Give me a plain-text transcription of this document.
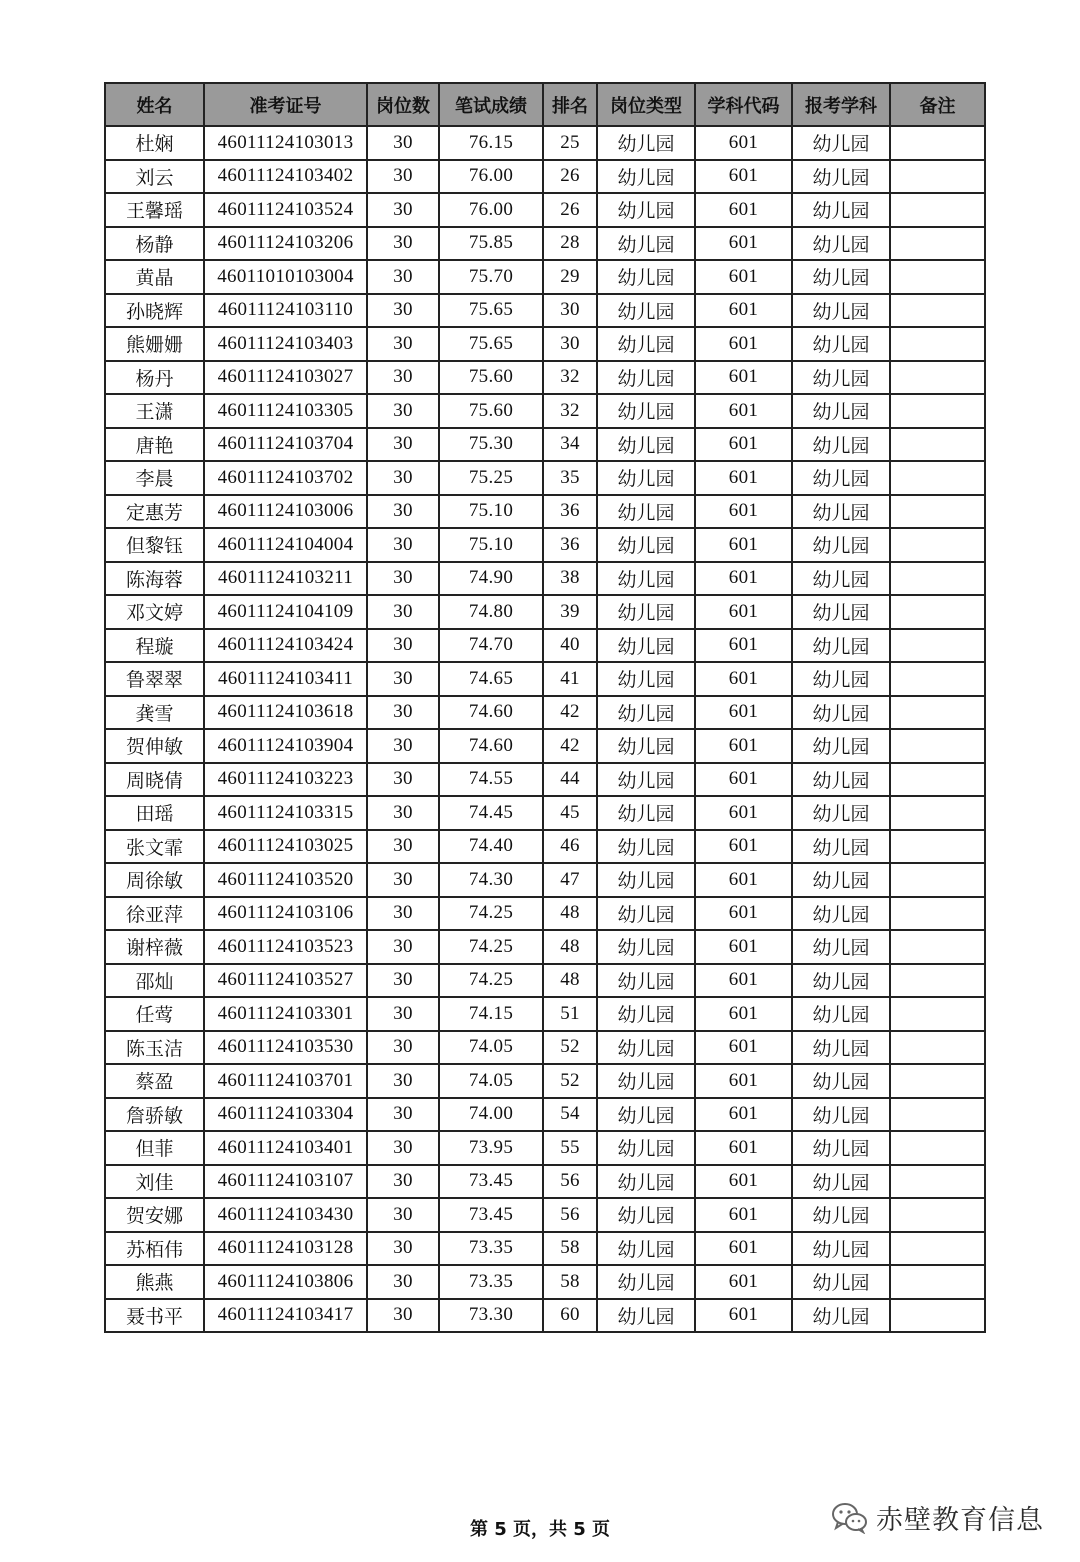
姓名	准考证号	岗位数	笔试成绩	排名	岗位类型	学科代码	报考学科	备注
杜娴	46011124103013	30	76.15	25	幼儿园	601	幼儿园	
刘云	46011124103402	30	76.00	26	幼儿园	601	幼儿园	
王馨瑶	46011124103524	30	76.00	26	幼儿园	601	幼儿园	
杨静	46011124103206	30	75.85	28	幼儿园	601	幼儿园	
黄晶	46011010103004	30	75.70	29	幼儿园	601	幼儿园	
孙晓辉	46011124103110	30	75.65	30	幼儿园	601	幼儿园	
熊姗姗	46011124103403	30	75.65	30	幼儿园	601	幼儿园	
杨丹	46011124103027	30	75.60	32	幼儿园	601	幼儿园	
王潇	46011124103305	30	75.60	32	幼儿园	601	幼儿园	
唐艳	46011124103704	30	75.30	34	幼儿园	601	幼儿园	
李晨	46011124103702	30	75.25	35	幼儿园	601	幼儿园	
定惠芳	46011124103006	30	75.10	36	幼儿园	601	幼儿园	
但黎钰	46011124104004	30	75.10	36	幼儿园	601	幼儿园	
陈海蓉	46011124103211	30	74.90	38	幼儿园	601	幼儿园	
邓文婷	46011124104109	30	74.80	39	幼儿园	601	幼儿园	
程璇	46011124103424	30	74.70	40	幼儿园	601	幼儿园	
鲁翠翠	46011124103411	30	74.65	41	幼儿园	601	幼儿园	
龚雪	46011124103618	30	74.60	42	幼儿园	601	幼儿园	
贺伸敏	46011124103904	30	74.60	42	幼儿园	601	幼儿园	
周晓倩	46011124103223	30	74.55	44	幼儿园	601	幼儿园	
田瑶	46011124103315	30	74.45	45	幼儿园	601	幼儿园	
张文霏	46011124103025	30	74.40	46	幼儿园	601	幼儿园	
周徐敏	46011124103520	30	74.30	47	幼儿园	601	幼儿园	
徐亚萍	46011124103106	30	74.25	48	幼儿园	601	幼儿园	
谢梓薇	46011124103523	30	74.25	48	幼儿园	601	幼儿园	
邵灿	46011124103527	30	74.25	48	幼儿园	601	幼儿园	
任莺	46011124103301	30	74.15	51	幼儿园	601	幼儿园	
陈玉洁	46011124103530	30	74.05	52	幼儿园	601	幼儿园	
蔡盈	46011124103701	30	74.05	52	幼儿园	601	幼儿园	
詹骄敏	46011124103304	30	74.00	54	幼儿园	601	幼儿园	
但菲	46011124103401	30	73.95	55	幼儿园	601	幼儿园	
刘佳	46011124103107	30	73.45	56	幼儿园	601	幼儿园	
贺安娜	46011124103430	30	73.45	56	幼儿园	601	幼儿园	
苏栢伟	46011124103128	30	73.35	58	幼儿园	601	幼儿园	
熊燕	46011124103806	30	73.35	58	幼儿园	601	幼儿园	
聂书平	46011124103417	30	73.30	60	幼儿园	601	幼儿园	
第 5 页，共 5 页	赤壁教育信息
